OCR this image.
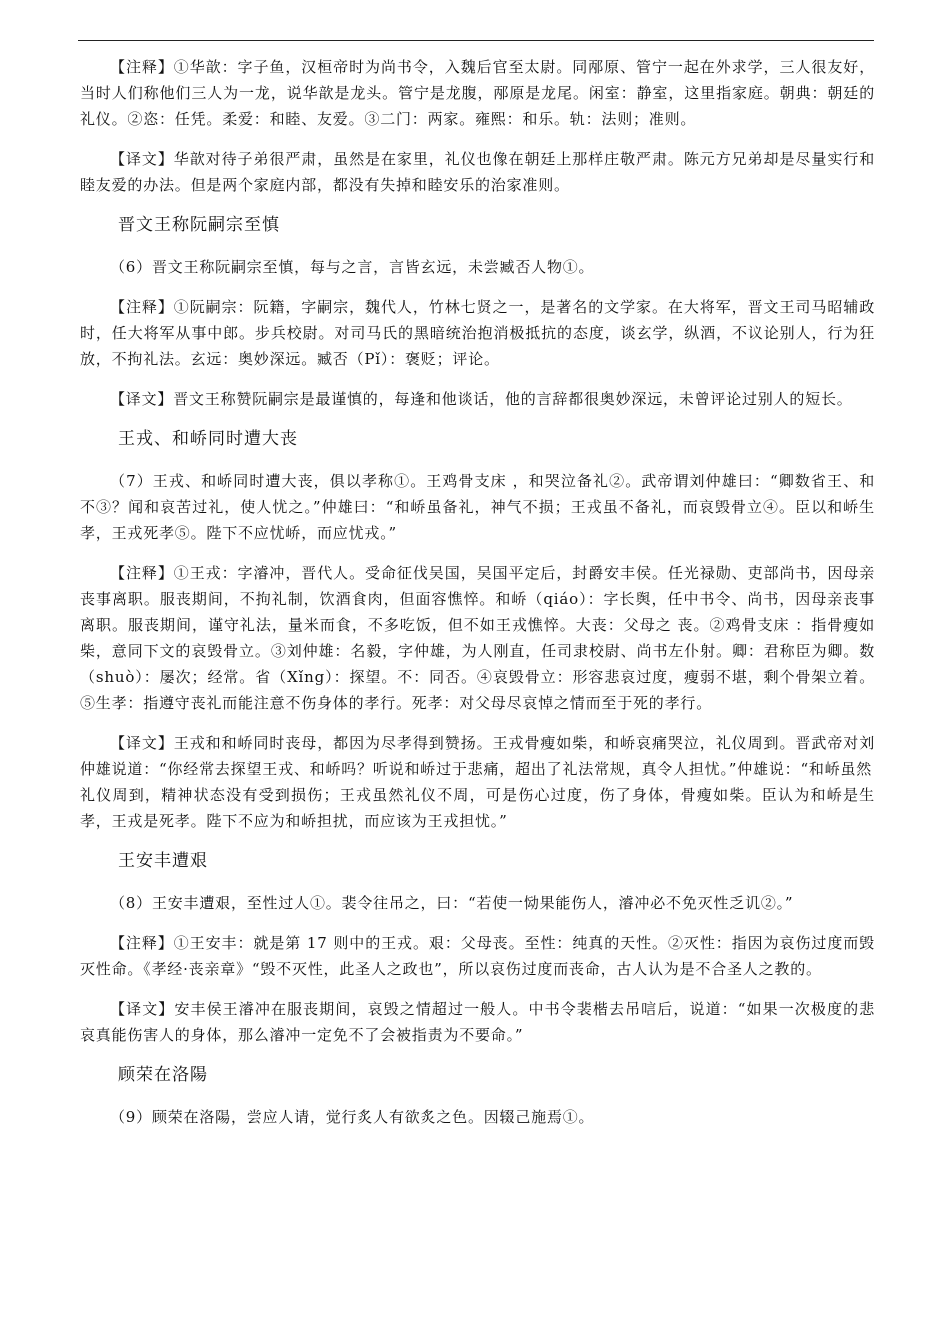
【注释】①华歆：字子鱼，汉桓帝时为尚书令，入魏后官至太尉。同邴原、管宁一起在外求学，三人很友好，当时人们称他们三人为一龙，说华歆是龙头。管宁是龙腹，邴原是龙尾。闲室：静室，这里指家庭。朝典：朝廷的礼仪。②恣：任凭。柔爱：和睦、友爱。③二门：两家。雍熙：和乐。轨：法则；准则。

【译文】华歆对待子弟很严肃，虽然是在家里，礼仪也像在朝廷上那样庄敬严肃。陈元方兄弟却是尽量实行和睦友爱的办法。但是两个家庭内部，都没有失掉和睦安乐的治家准则。

晋文王称阮嗣宗至慎

（6）晋文王称阮嗣宗至慎，每与之言，言皆玄远，未尝臧否人物①。

【注释】①阮嗣宗：阮籍，字嗣宗，魏代人，竹林七贤之一，是著名的文学家。在大将军，晋文王司马昭辅政时，任大将军从事中郎。步兵校尉。对司马氏的黑暗统治抱消极抵抗的态度，谈玄学，纵酒，不议论别人，行为狂放，不拘礼法。玄远：奥妙深远。臧否（Pǐ）：褒贬；评论。

【译文】晋文王称赞阮嗣宗是最谨慎的，每逢和他谈话，他的言辞都很奥妙深远，未曾评论过别人的短长。

王戎、和峤同时遭大丧

（7）王戎、和峤同时遭大丧，俱以孝称①。王鸡骨支床 ，和哭泣备礼②。武帝谓刘仲雄曰：“卿数省王、和不③？闻和哀苦过礼，使人忧之。”仲雄曰：“和峤虽备礼，神气不损；王戎虽不备礼，而哀毁骨立④。臣以和峤生孝，王戎死孝⑤。陛下不应忧峤，而应忧戎。”

【注释】①王戎：字濬冲，晋代人。受命征伐吴国，吴国平定后，封爵安丰侯。任光禄勋、吏部尚书，因母亲丧事离职。服丧期间，不拘礼制，饮酒食肉，但面容憔悴。和峤（qiáo）：字长舆，任中书令、尚书，因母亲丧事离职。服丧期间，谨守礼法，量米而食，不多吃饭，但不如王戎憔悴。大丧：父母之 丧。②鸡骨支床 ：指骨瘦如柴，意同下文的哀毁骨立。③刘仲雄：名毅，字仲雄，为人刚直，任司隶校尉、尚书左仆射。卿：君称臣为卿。数（shuò）：屡次；经常。省（Xǐng）：探望。不：同否。④哀毁骨立：形容悲哀过度，瘦弱不堪，剩个骨架立着。⑤生孝：指遵守丧礼而能注意不伤身体的孝行。死孝：对父母尽哀悼之情而至于死的孝行。

【译文】王戎和和峤同时丧母，都因为尽孝得到赞扬。王戎骨瘦如柴，和峤哀痛哭泣，礼仪周到。晋武帝对刘仲雄说道：“你经常去探望王戎、和峤吗？听说和峤过于悲痛，超出了礼法常规，真令人担忧。”仲雄说：“和峤虽然
礼仪周到，精神状态没有受到损伤；王戎虽然礼仪不周，可是伤心过度，伤了身体，骨瘦如柴。臣认为和峤是生孝，王戎是死孝。陛下不应为和峤担扰，而应该为王戎担忧。”

王安丰遭艰

（8）王安丰遭艰，至性过人①。裴令往吊之，曰：“若使一恸果能伤人，濬冲必不免灭性乏讥②。”

【注释】①王安丰：就是第 17 则中的王戎。艰：父母丧。至性：纯真的天性。②灭性：指因为哀伤过度而毁灭性命。《孝经·丧亲章》“毁不灭性，此圣人之政也”，所以哀伤过度而丧命，古人认为是不合圣人之教的。

【译文】安丰侯王濬冲在服丧期间，哀毁之情超过一般人。中书令裴楷去吊唁后，说道：“如果一次极度的悲哀真能伤害人的身体，那么濬冲一定免不了会被指责为不要命。”

顾荣在洛陽

（9）顾荣在洛陽，尝应人请，觉行炙人有欲炙之色。因辍己施焉①。
